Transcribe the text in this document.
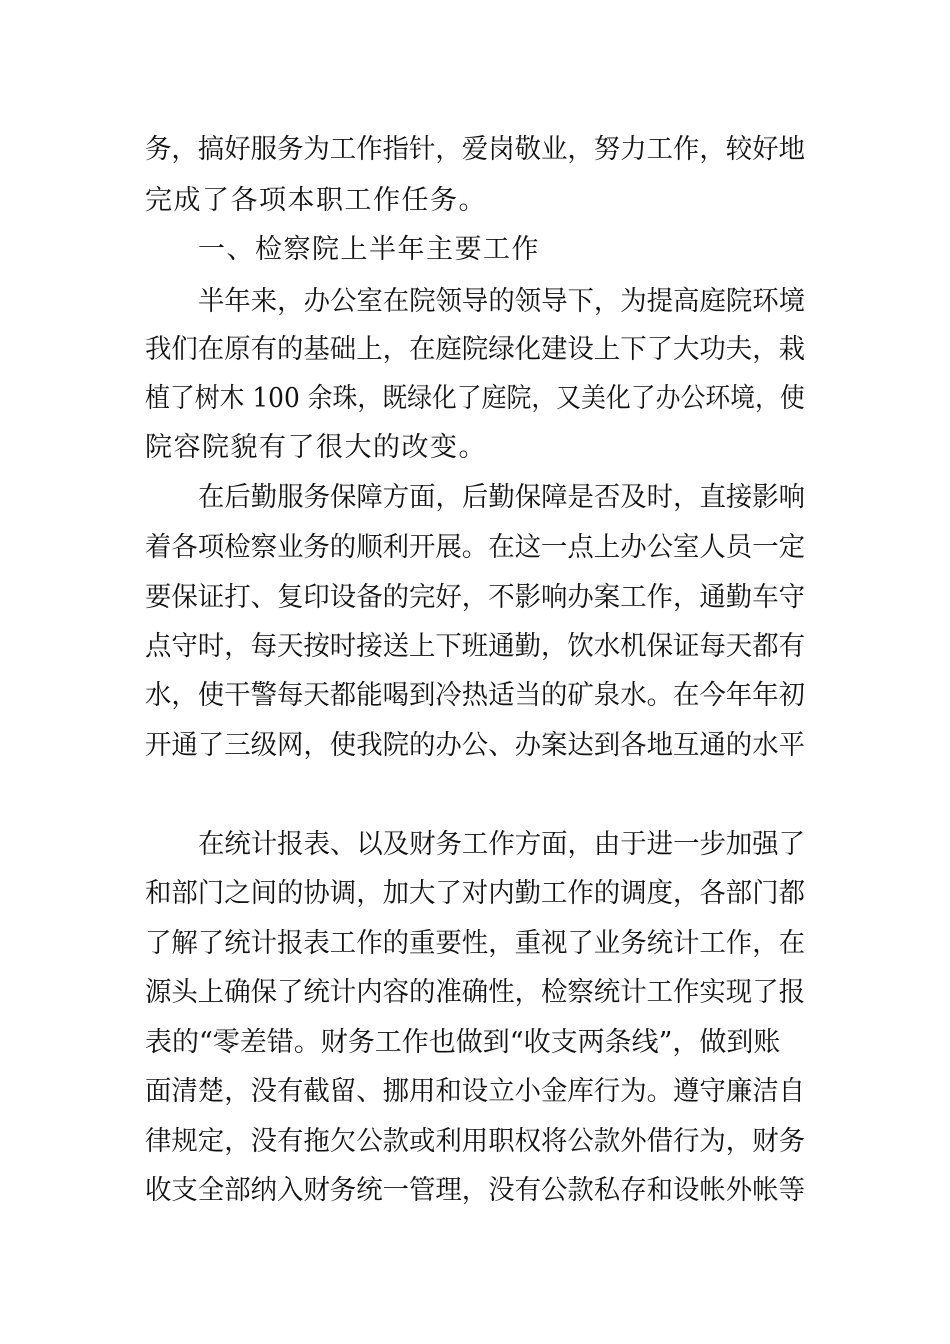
务，搞好服务为工作指针，爱岗敬业，努力工作，较好地
完成了各项本职工作任务。
一、检察院上半年主要工作
半年来，办公室在院领导的领导下，为提高庭院环境
我们在原有的基础上，在庭院绿化建设上下了大功夫，栽
植了树木 100 余珠，既绿化了庭院，又美化了办公环境，使
院容院貌有了很大的改变。
在后勤服务保障方面，后勤保障是否及时，直接影响
着各项检察业务的顺利开展。在这一点上办公室人员一定
要保证打、复印设备的完好，不影响办案工作，通勤车守
点守时，每天按时接送上下班通勤，饮水机保证每天都有
水，使干警每天都能喝到冷热适当的矿泉水。在今年年初
开通了三级网，使我院的办公、办案达到各地互通的水平
在统计报表、以及财务工作方面，由于进一步加强了
和部门之间的协调，加大了对内勤工作的调度，各部门都
了解了统计报表工作的重要性，重视了业务统计工作，在
源头上确保了统计内容的准确性，检察统计工作实现了报
表的“零差错。财务工作也做到“收支两条线”，做到账
面清楚，没有截留、挪用和设立小金库行为。遵守廉洁自
律规定，没有拖欠公款或利用职权将公款外借行为，财务
收支全部纳入财务统一管理，没有公款私存和设帐外帐等
